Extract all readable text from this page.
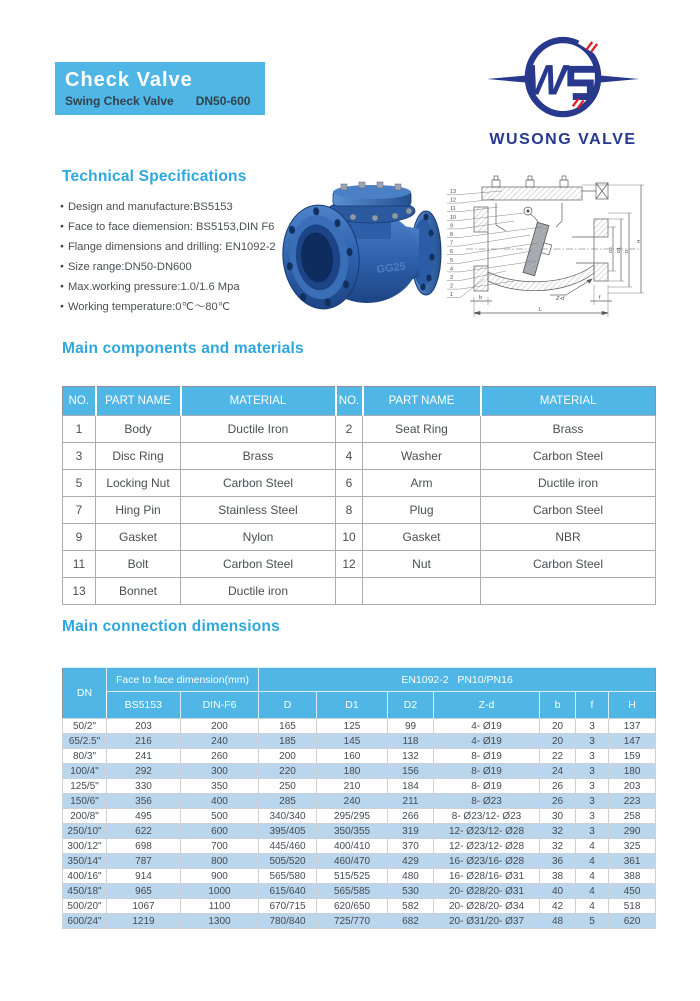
Check Valve
Swing Check Valve DN50-600	W
WUSONG VALVE
Technical Specifications
● Design and manufacture:BS5153
● Face to face diemension: BS5153,DIN F6
● Flange dimensions and drilling: EN1092-2
● Size range:DN50-DN600
● Max.working pressure:1.0/1.6 Mpa
● Working temperature:0℃～80℃
GG25
13
12
11
10
9
8
7
6
5
4
3
2
1
L
b	f
Z-d
D2 D1 D
H
Main components and materials
NO.	PART NAME	MATERIAL	NO.	PART NAME	MATERIAL
1	Body	Ductile Iron	2	Seat Ring	Brass
3	Disc Ring	Brass	4	Washer	Carbon Steel
5	Locking Nut	Carbon Steel	6	Arm	Ductile iron
7	Hing Pin	Stainless Steel	8	Plug	Carbon Steel
9	Gasket	Nylon	10	Gasket	NBR
11	Bolt	Carbon Steel	12	Nut	Carbon Steel
13	Bonnet	Ductile iron			
Main connection dimensions
DN	Face to face dimension(mm)		EN1092-2   PN10/PN16						
	BS5153	DIN-F6	D	D1	D2	Z-d	b	f	H
50/2"	203	200	165	125	99	4- Ø19	20	3	137
65/2.5"	216	240	185	145	118	4- Ø19	20	3	147
80/3"	241	260	200	160	132	8- Ø19	22	3	159
100/4"	292	300	220	180	156	8- Ø19	24	3	180
125/5"	330	350	250	210	184	8- Ø19	26	3	203
150/6"	356	400	285	240	211	8- Ø23	26	3	223
200/8"	495	500	340/340	295/295	266	8- Ø23/12- Ø23	30	3	258
250/10"	622	600	395/405	350/355	319	12- Ø23/12- Ø28	32	3	290
300/12"	698	700	445/460	400/410	370	12- Ø23/12- Ø28	32	4	325
350/14"	787	800	505/520	460/470	429	16- Ø23/16- Ø28	36	4	361
400/16"	914	900	565/580	515/525	480	16- Ø28/16- Ø31	38	4	388
450/18"	965	1000	615/640	565/585	530	20- Ø28/20- Ø31	40	4	450
500/20"	1067	1100	670/715	620/650	582	20- Ø28/20- Ø34	42	4	518
600/24"	1219	1300	780/840	725/770	682	20- Ø31/20- Ø37	48	5	620
